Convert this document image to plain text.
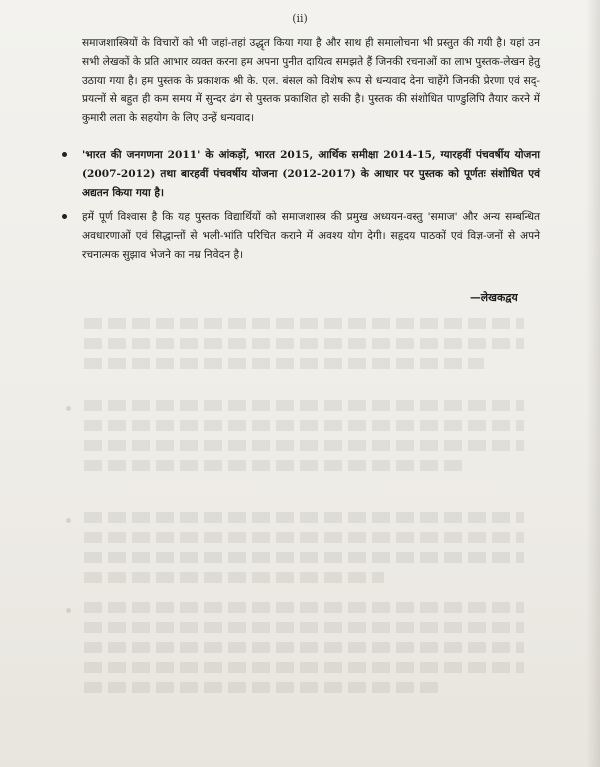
(ii)

समाजशास्त्रियों के विचारों को भी जहां-तहां उद्धृत किया गया है और साथ ही समालोचना भी प्रस्तुत की गयी है। यहां उन सभी लेखकों के प्रति आभार व्यक्त करना हम अपना पुनीत दायित्व समझते हैं जिनकी रचनाओं का लाभ पुस्तक-लेखन हेतु उठाया गया है। हम पुस्तक के प्रकाशक श्री के. एल. बंसल को विशेष रूप से धन्यवाद देना चाहेंगे जिनकी प्रेरणा एवं सद्-प्रयत्नों से बहुत ही कम समय में सुन्दर ढंग से पुस्तक प्रकाशित हो सकी है। पुस्तक की संशोधित पाण्डुलिपि तैयार करने में कुमारी लता के सहयोग के लिए उन्हें धन्यवाद।

'भारत की जनगणना 2011' के आंकड़ों, भारत 2015, आर्थिक समीक्षा 2014-15, ग्यारहवीं पंचवर्षीय योजना (2007-2012) तथा बारहवीं पंचवर्षीय योजना (2012-2017) के आधार पर पुस्तक को पूर्णतः संशोधित एवं अद्यतन किया गया है।
हमें पूर्ण विश्वास है कि यह पुस्तक विद्यार्थियों को समाजशास्त्र की प्रमुख अध्ययन-वस्तु 'समाज' और अन्य सम्बन्धित अवधारणाओं एवं सिद्धान्तों से भली-भांति परिचित कराने में अवश्य योग देगी। सहृदय पाठकों एवं विज्ञ-जनों से अपने रचनात्मक सुझाव भेजने का नम्र निवेदन है।
—लेखकद्वय
